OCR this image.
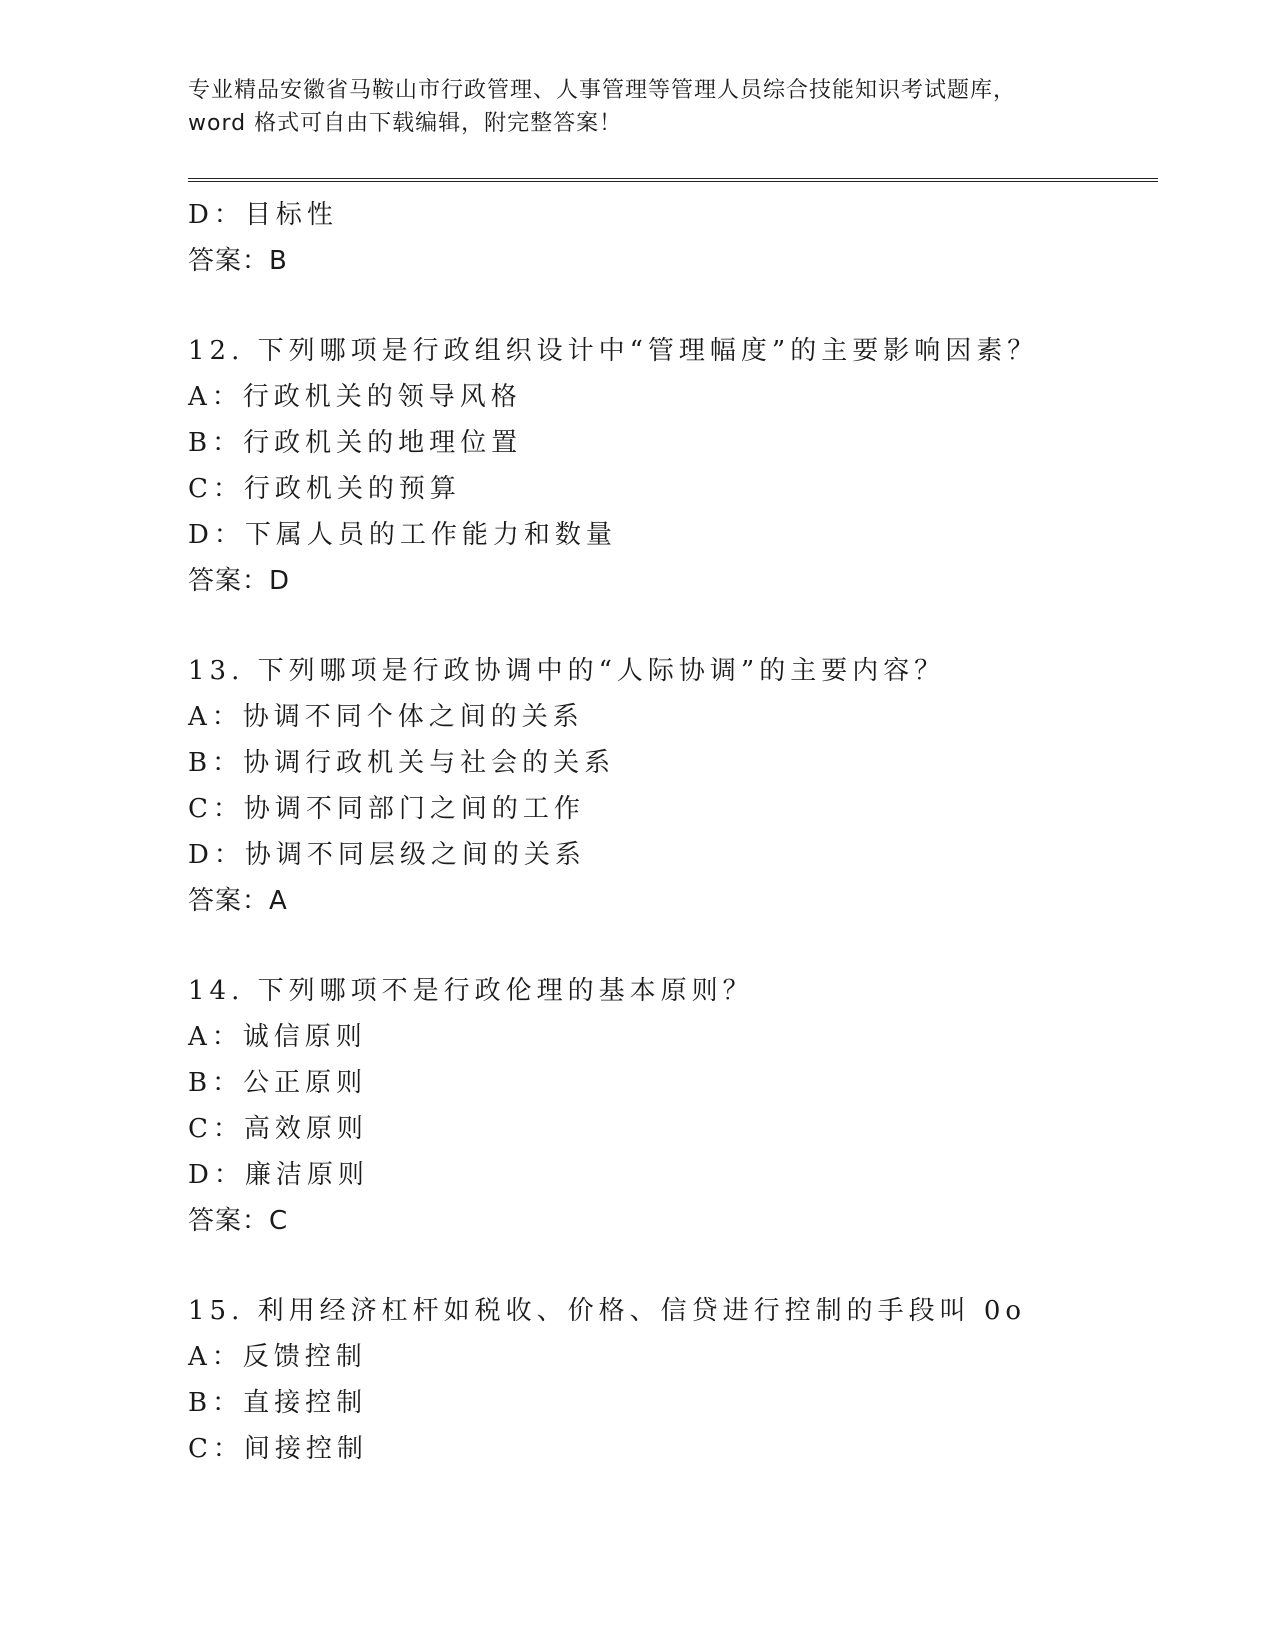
专业精品安徽省马鞍山市行政管理、人事管理等管理人员综合技能知识考试题库，
word 格式可自由下载编辑，附完整答案！
D：目标性
答案：B
12. 下列哪项是行政组织设计中“管理幅度”的主要影响因素？
A：行政机关的领导风格
B：行政机关的地理位置
C：行政机关的预算
D：下属人员的工作能力和数量
答案：D
13. 下列哪项是行政协调中的“人际协调”的主要内容？
A：协调不同个体之间的关系
B：协调行政机关与社会的关系
C：协调不同部门之间的工作
D：协调不同层级之间的关系
答案：A
14. 下列哪项不是行政伦理的基本原则？
A：诚信原则
B：公正原则
C：高效原则
D：廉洁原则
答案：C
15. 利用经济杠杆如税收、价格、信贷进行控制的手段叫 0o
A：反馈控制
B：直接控制
C：间接控制
